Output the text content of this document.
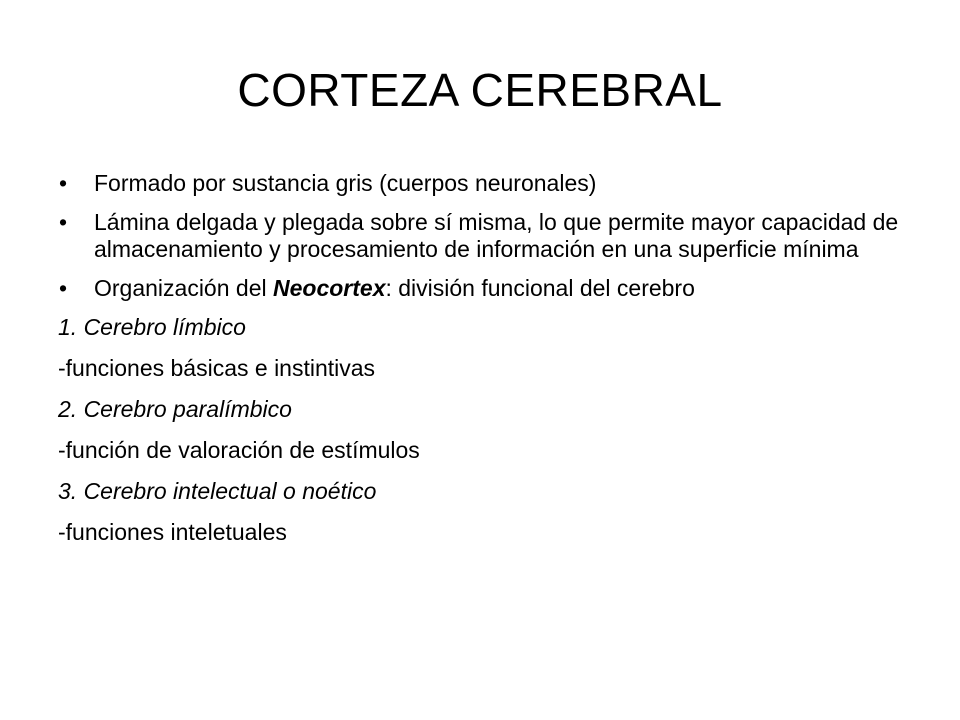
CORTEZA CEREBRAL
•	Formado por sustancia gris (cuerpos neuronales)
•	Lámina delgada y plegada sobre sí misma, lo que permite mayor capacidad de almacenamiento y procesamiento de información en una superficie mínima
•	Organización del Neocortex: división funcional del cerebro
1. Cerebro límbico
-funciones básicas e instintivas
2. Cerebro paralímbico
-función de valoración de estímulos
3. Cerebro intelectual o noético
-funciones inteletuales
